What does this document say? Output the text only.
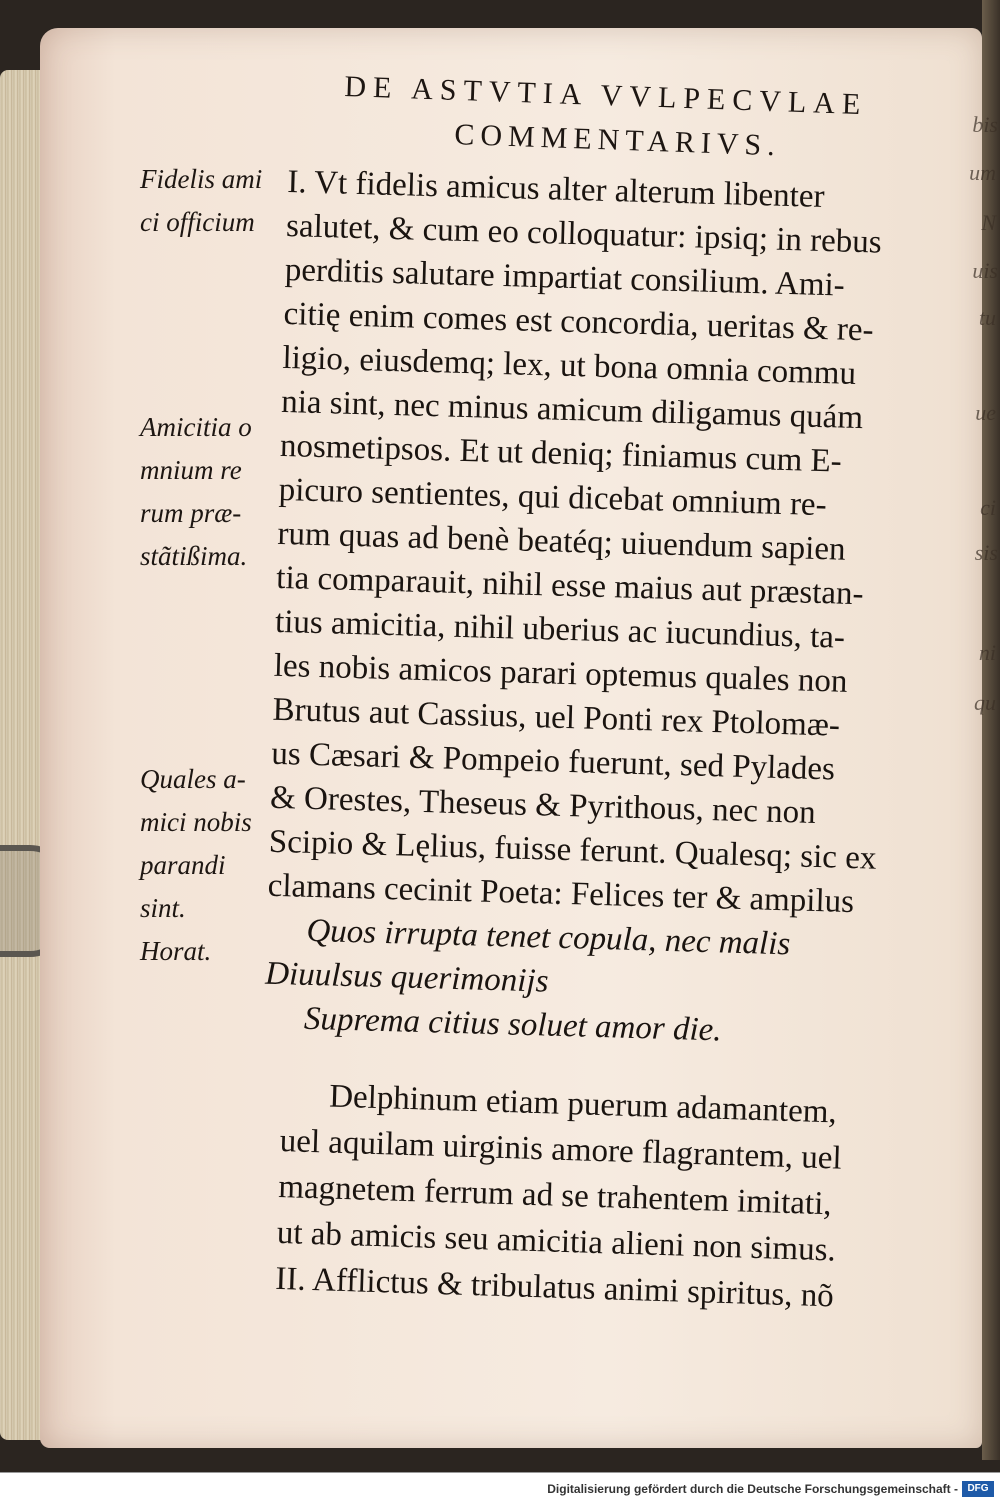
bis
um
N
uis
tu
ue
ci
sis
ni
qu
DE ASTVTIA VVLPECVLAE
COMMENTARIVS.
Fidelis ami
ci officium
Amicitia o
mnium re
rum præ-
stãtißima.
Quales a-
mici nobis
parandi
sint.
Horat.
I. Vt fidelis amicus alter alterum libenter
salutet, & cum eo colloquatur: ipsiq; in rebus
perditis salutare impartiat consilium. Ami-
citię enim comes est concordia, ueritas & re-
ligio, eiusdemq; lex, ut bona omnia commu
nia sint, nec minus amicum diligamus quám
nosmetipsos. Et ut deniq; finiamus cum E-
picuro sentientes, qui dicebat omnium re-
rum quas ad benè beatéq; uiuendum sapien
tia comparauit, nihil esse maius aut præstan-
tius amicitia, nihil uberius ac iucundius, ta-
les nobis amicos parari optemus quales non
Brutus aut Cassius, uel Ponti rex Ptolomæ-
us Cæsari & Pompeio fuerunt, sed Pylades
& Orestes, Theseus & Pyrithous, nec non
Scipio & Lęlius, fuisse ferunt. Qualesq; sic ex
clamans cecinit Poeta: Felices ter & ampilus
Quos irrupta tenet copula, nec malis
Diuulsus querimonijs
Suprema citius soluet amor die.
Delphinum etiam puerum adamantem,
uel aquilam uirginis amore flagrantem, uel
magnetem ferrum ad se trahentem imitati,
ut ab amicis seu amicitia alieni non simus.
II. Afflictus & tribulatus animi spiritus, nõ
Digitalisierung gefördert durch die Deutsche Forschungsgemeinschaft - DFG
